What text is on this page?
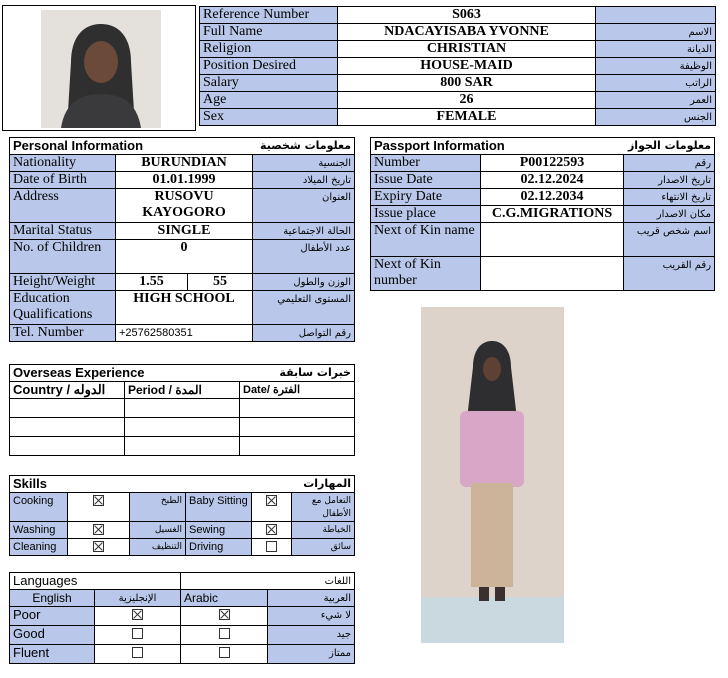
Reference Number	S063	
Full Name	NDACAYISABA YVONNE	الاسم
Religion	CHRISTIAN	الديانة
Position Desired	HOUSE-MAID	الوظيفة
Salary	800 SAR	الراتب
Age	26	العمر
Sex	FEMALE	الجنس
Personal Information معلومات شخصية			

Nationality	BURUNDIAN		الجنسية
Date of Birth	01.01.1999		تاريخ الميلاد
Address	RUSOVU KAYOGORO		العنوان
Marital Status	SINGLE		الحالة الاجتماعية
No. of Children	0		عدد الأطفال
Height/Weight	1.55	55	الوزن والطول
Education Qualifications	HIGH SCHOOL		المستوى التعليمي
Tel. Number	+25762580351		رقم التواصل
Passport Information معلومات الجواز		

Number	P00122593	رقم
Issue Date	02.12.2024	تاريخ الاصدار
Expiry Date	02.12.2034	تاريخ الانتهاء
Issue place	C.G.MIGRATIONS	مكان الاصدار
Next of Kin name		اسم شخص قريب
Next of Kin number		رقم القريب
Overseas Experience خبرات سابقة		

Country / الدوله	Period / المدة	Date/ الفترة

Skills المهارات					

Cooking		الطبخ	Baby Sitting		التعامل مع الأطفال
Washing		الغسيل	Sewing		الخياطة
Cleaning		التنظيف	Driving		سائق
Languages		اللغات	
English	الإنجليزية	Arabic	العربية
Poor			لا شيء
Good			جيد
Fluent			ممتاز
